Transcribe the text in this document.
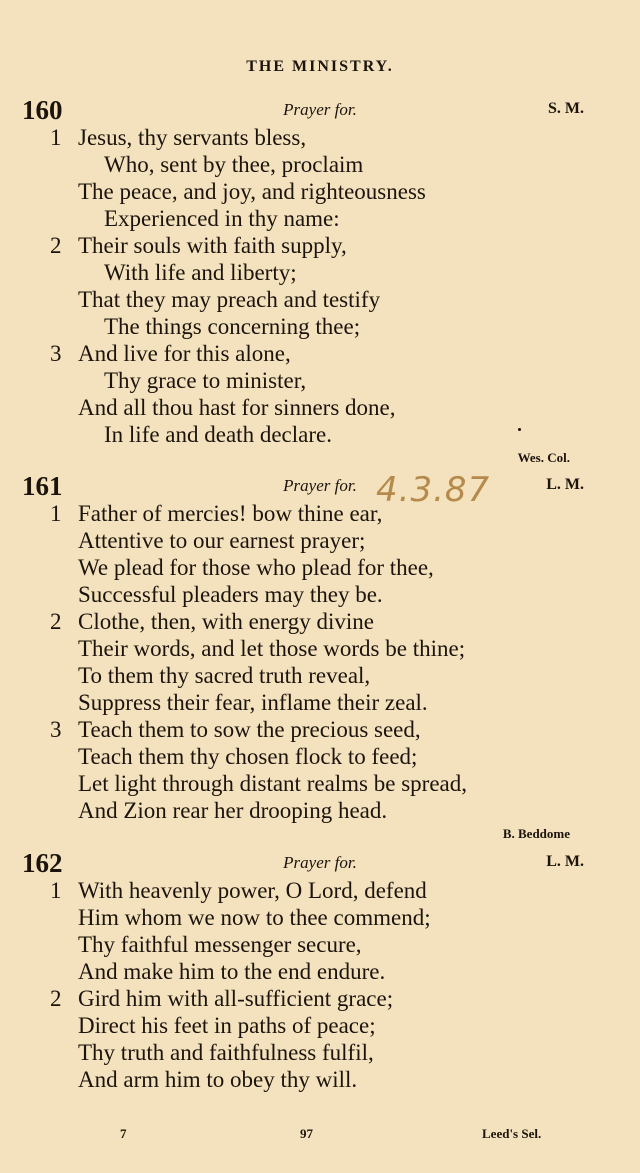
THE MINISTRY.
160	Prayer for.	S. M.
1 Jesus, thy servants bless,
Who, sent by thee, proclaim
The peace, and joy, and righteousness
Experienced in thy name:
2 Their souls with faith supply,
With life and liberty;
That they may preach and testify
The things concerning thee;
3 And live for this alone,
Thy grace to minister,
And all thou hast for sinners done,
In life and death declare.
Wes. Col.
161	Prayer for.	L. M.
1 Father of mercies! bow thine ear,
Attentive to our earnest prayer;
We plead for those who plead for thee,
Successful pleaders may they be.
2 Clothe, then, with energy divine
Their words, and let those words be thine;
To them thy sacred truth reveal,
Suppress their fear, inflame their zeal.
3 Teach them to sow the precious seed,
Teach them thy chosen flock to feed;
Let light through distant realms be spread,
And Zion rear her drooping head.
B. Beddome
162	Prayer for.	L. M.
1 With heavenly power, O Lord, defend
Him whom we now to thee commend;
Thy faithful messenger secure,
And make him to the end endure.
2 Gird him with all-sufficient grace;
Direct his feet in paths of peace;
Thy truth and faithfulness fulfil,
And arm him to obey thy will.
4.3.87
7	97	Leed's Sel.
